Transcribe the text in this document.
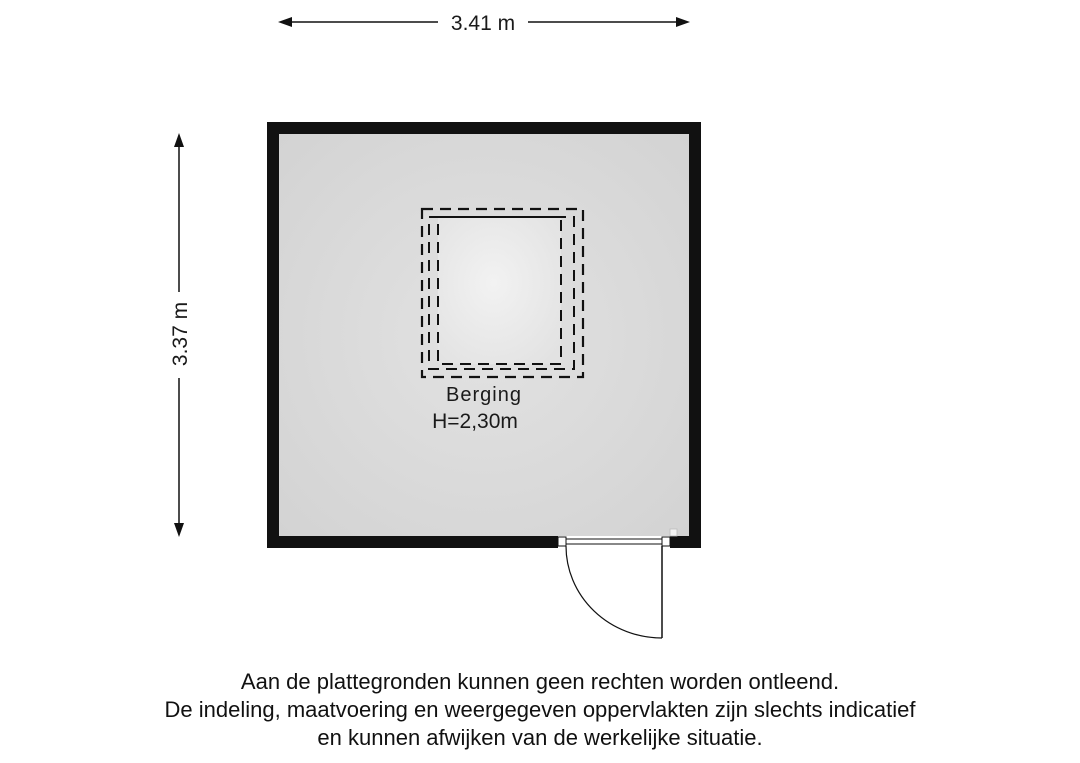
3.41 m
3.37 m
Berging
H=2,30m
Aan de plattegronden kunnen geen rechten worden ontleend.
De indeling, maatvoering en weergegeven oppervlakten zijn slechts indicatief
en kunnen afwijken van de werkelijke situatie.
